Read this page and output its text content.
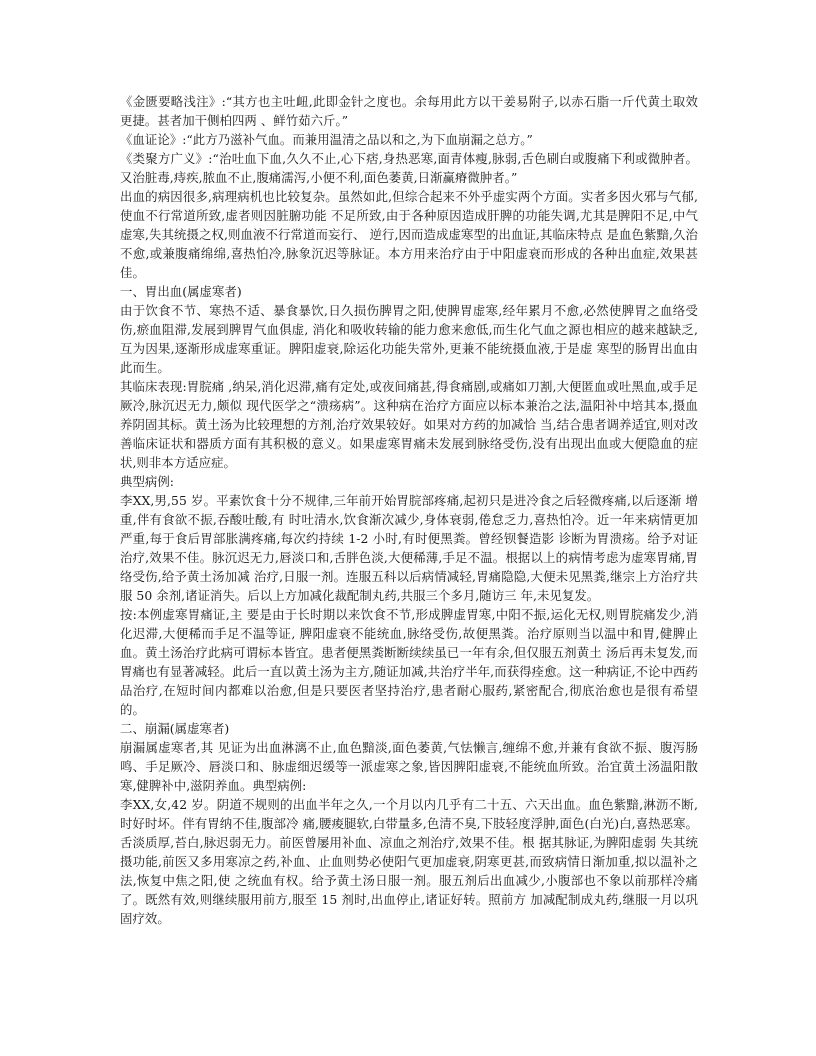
《金匮要略浅注》:“其方也主吐衄,此即金针之度也。余每用此方以干姜易附子,以赤石脂一斤代黄土取效更捷。甚者加干侧柏四两 、鲜竹茹六斤。”

《血证论》:“此方乃滋补气血。而兼用温清之品以和之,为下血崩漏之总方。”

《类聚方广义》:“治吐血下血,久久不止,心下痞,身热恶寒,面青体瘦,脉弱,舌色刷白或腹痛下利或微肿者。又治脏毒,痔疾,脓血不止,腹痛濡泻,小便不利,面色萎黄,日渐赢瘠微肿者。”

出血的病因很多,病理病机也比较复杂。虽然如此,但综合起来不外乎虚实两个方面。实者多因火邪与气郁,使血不行常道所致,虚者则因脏腑功能 不足所致,由于各种原因造成肝脾的功能失调,尤其是脾阳不足,中气虚寒,失其统摄之权,则血液不行常道而妄行、 逆行,因而造成虚寒型的出血证,其临床特点 是血色紫黯,久治不愈,或兼腹痛绵绵,喜热怕冷,脉象沉迟等脉证。本方用来治疗由于中阳虚衰而形成的各种出血症,效果甚佳。

一、胃出血(属虚寒者)

由于饮食不节、寒热不适、暴食暴饮,日久损伤脾胃之阳,使脾胃虚寒,经年累月不愈,必然使脾胃之血络受伤,瘀血阻滞,发展到脾胃气血俱虚, 消化和吸收转输的能力愈来愈低,而生化气血之源也相应的越来越缺乏,互为因果,逐渐形成虚寒重证。脾阳虚衰,除运化功能失常外,更兼不能统摄血液,于是虚 寒型的肠胃出血由此而生。

其临床表现:胃脘痛 ,纳呆,消化迟滞,痛有定处,或夜间痛甚,得食痛剧,或痛如刀割,大便匿血或吐黑血,或手足厥冷,脉沉迟无力,颇似 现代医学之“溃疡病”。这种病在治疗方面应以标本兼治之法,温阳补中培其本,摄血养阴固其标。黄土汤为比较理想的方剂,治疗效果较好。如果对方药的加减恰 当,结合患者调养适宜,则对改善临床证状和器质方面有其积极的意义。如果虚寒胃痛未发展到脉络受伤,没有出现出血或大便隐血的症状,则非本方适应症。

典型病例:

李XX,男,55 岁。平素饮食十分不规律,三年前开始胃脘部疼痛,起初只是进冷食之后轻微疼痛,以后逐渐 增重,伴有食欲不振,吞酸吐酸,有 时吐清水,饮食渐次减少,身体衰弱,倦怠乏力,喜热怕冷。近一年来病情更加严重,每于食后胃部胀满疼痛,每次约持续 1-2 小时,有时便黑粪。曾经钡餐造影 诊断为胃溃疡。给予对证治疗,效果不佳。脉沉迟无力,唇淡口和,舌胖色淡,大便稀薄,手足不温。根据以上的病情考虑为虚寒胃痛,胃络受伤,给予黄土汤加减 治疗,日服一剂。连服五科以后病情减轻,胃痛隐隐,大便未见黑粪,继宗上方治疗共服 50 余剂,诸证消失。后以上方加减化裁配制丸药,共服三个多月,随访三 年,未见复发。

按:本例虚寒胃痛证,主 要是由于长时期以来饮食不节,形成脾虚胃寒,中阳不振,运化无权,则胃脘痛发少,消化迟滞,大便稀而手足不温等证, 脾阳虚衰不能统血,脉络受伤,故便黑粪。治疗原则当以温中和胃,健脾止血。黄土汤治疗此病可谓标本皆宜。患者便黑粪断断续续虽已一年有余,但仅服五剂黄土 汤后再未复发,而胃痛也有显著减轻。此后一直以黄土汤为主方,随证加减,共治疗半年,而获得痊愈。这一种病证,不论中西药品治疗,在短时间内都难以治愈,但是只要医者坚持治疗,患者耐心服药,紧密配合,彻底治愈也是很有希望的。

二、崩漏(属虚寒者)

崩漏属虚寒者,其 见证为出血淋漓不止,血色黯淡,面色萎黄,气怯懒言,缠绵不愈,并兼有食欲不振、腹泻肠鸣、手足厥冷、唇淡口和、脉虚细迟缓等一派虚寒之象,皆因脾阳虚衰,不能统血所致。治宜黄土汤温阳散寒,健脾补中,滋阴养血。典型病例:

李XX,女,42 岁。阴道不规则的出血半年之久,一个月以内几乎有二十五、六天出血。血色紫黯,淋沥不断,时好时坏。伴有胃纳不佳,腹部冷 痛,腰痠腿软,白带量多,色清不臭,下肢轻度浮肿,面色(白光)白,喜热恶寒。舌淡质厚,苔白,脉迟弱无力。前医曾屡用补血、凉血之剂治疗,效果不佳。根 据其脉证,为脾阳虚弱 失其统摄功能,前医又多用寒凉之药,补血、止血则势必使阳气更加虚衰,阴寒更甚,而致病情日渐加重,拟以温补之法,恢复中焦之阳,使 之统血有权。给予黄土汤日服一剂。服五剂后出血减少,小腹部也不象以前那样冷痛了。既然有效,则继续服用前方,服至 15 剂时,出血停止,诸证好转。照前方 加减配制成丸药,继服一月以巩固疗效。
